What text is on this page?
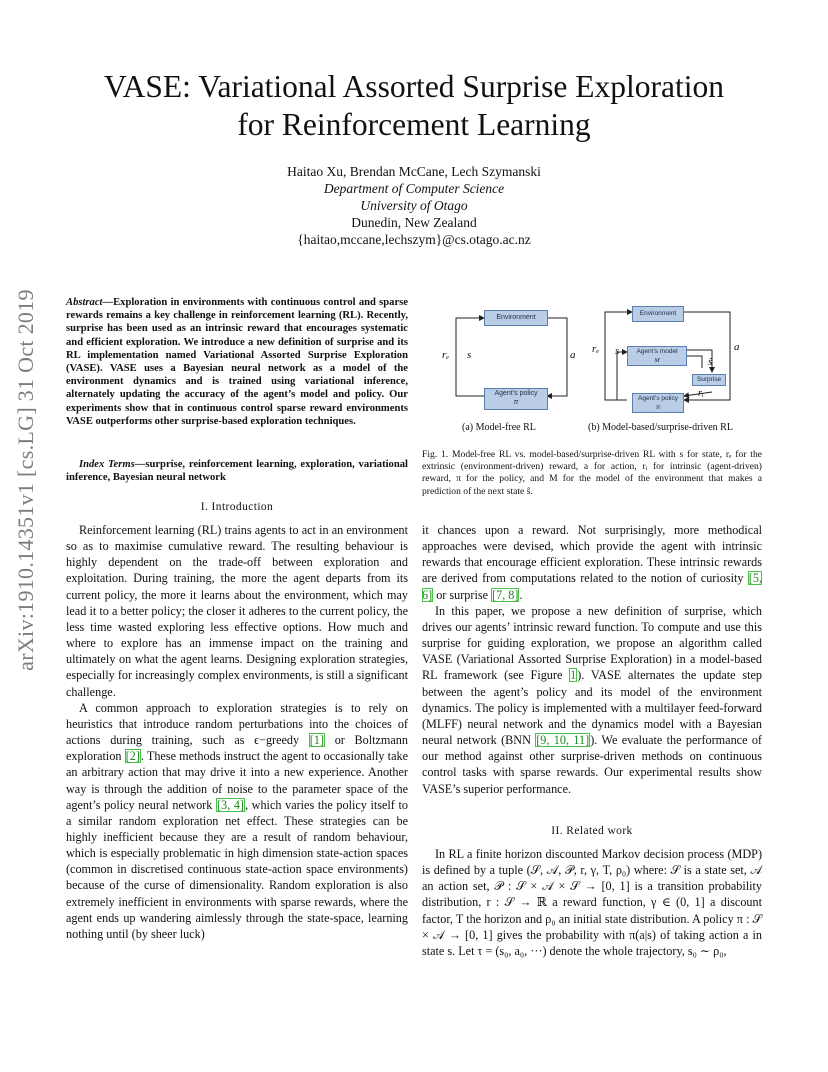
VASE: Variational Assorted Surprise Exploration
for Reinforcement Learning
Haitao Xu, Brendan McCane, Lech Szymanski
Department of Computer Science
University of Otago
Dunedin, New Zealand
{haitao,mccane,lechszym}@cs.otago.ac.nz
arXiv:1910.14351v1 [cs.LG] 31 Oct 2019	Abstract—Exploration in environments with continuous control and sparse rewards remains a key challenge in reinforcement learning (RL). Recently, surprise has been used as an intrinsic reward that encourages systematic and efficient exploration. We introduce a new definition of surprise and its RL implementation named Variational Assorted Surprise Exploration (VASE). VASE uses a Bayesian neural network as a model of the environment dynamics and is trained using variational inference, alternately updating the accuracy of the agent’s model and policy. Our experiments show that in continuous control sparse reward environments VASE outperforms other surprise-based exploration techniques.
Index Terms—surprise, reinforcement learning, exploration, variational inference, Bayesian neural network
I. Introduction

Reinforcement learning (RL) trains agents to act in an environment so as to maximise cumulative reward. The resulting behaviour is highly dependent on the trade-off between exploration and exploitation. During training, the more the agent departs from its current policy, the more it learns about the environment, which may lead it to a better policy; the closer it adheres to the current policy, the less time wasted exploring less effective options. How much and where to explore has an immense impact on the training and ultimately on what the agent learns. Designing exploration strategies, especially for increasingly complex environments, is still a significant challenge.

A common approach to exploration strategies is to rely on heuristics that introduce random perturbations into the choices of actions during training, such as ϵ−greedy [1] or Boltzmann exploration [2]. These methods instruct the agent to occasionally take an arbitrary action that may drive it into a new experience. Another way is through the addition of noise to the parameter space of the agent’s policy neural network [3, 4], which varies the policy itself to a similar random exploration net effect. These strategies can be highly inefficient because they are a result of random behaviour, which is especially problematic in high dimension state-action spaces (common in discretised continuous state-action space environments) because of the curse of dimensionality. Random exploration is also extremely inefficient in environments with sparse rewards, where the agent ends up wandering aimlessly through the state-space, learning nothing until (by sheer luck)

Environment
Agent’s policy
π
rₑ s	a
Environment
Agent’s model
M
Surprise
Agent’s policy
π
rₑ s	a
ŝ
rᵢ
(a) Model-free RL	(b) Model-based/surprise-driven RL
Fig. 1. Model-free RL vs. model-based/surprise-driven RL with s for state, rₑ for the extrinsic (environment-driven) reward, a for action, rᵢ for intrinsic (agent-driven) reward, π for the policy, and M for the model of the environment that makes a prediction of the next state ŝ.

it chances upon a reward. Not surprisingly, more methodical approaches were devised, which provide the agent with intrinsic rewards that encourage efficient exploration. These intrinsic rewards are derived from computations related to the notion of curiosity [5, 6] or surprise [7, 8].

In this paper, we propose a new definition of surprise, which drives our agents’ intrinsic reward function. To compute and use this surprise for guiding exploration, we propose an algorithm called VASE (Variational Assorted Surprise Exploration) in a model-based RL framework (see Figure 1). VASE alternates the update step between the agent’s policy and its model of the environment dynamics. The policy is implemented with a multilayer feed-forward (MLFF) neural network and the dynamics model with a Bayesian neural network (BNN [9, 10, 11]). We evaluate the performance of our method against other surprise-driven methods on continuous control tasks with sparse rewards. Our experimental results show VASE’s superior performance.

II. Related work

In RL a finite horizon discounted Markov decision process (MDP) is defined by a tuple (𝒮, 𝒜, 𝒫, r, γ, T, ρ₀) where: 𝒮 is a state set, 𝒜 an action set, 𝒫 : 𝒮 × 𝒜 × 𝒮 → [0, 1] is a transition probability distribution, r : 𝒮 → ℝ a reward function, γ ∈ (0, 1] a discount factor, T the horizon and ρ₀ an initial state distribution. A policy π : 𝒮 × 𝒜 → [0, 1] gives the probability with π(a|s) of taking action a in state s. Let τ = (s₀, a₀, ···) denote the whole trajectory, s₀ ∼ ρ₀,
